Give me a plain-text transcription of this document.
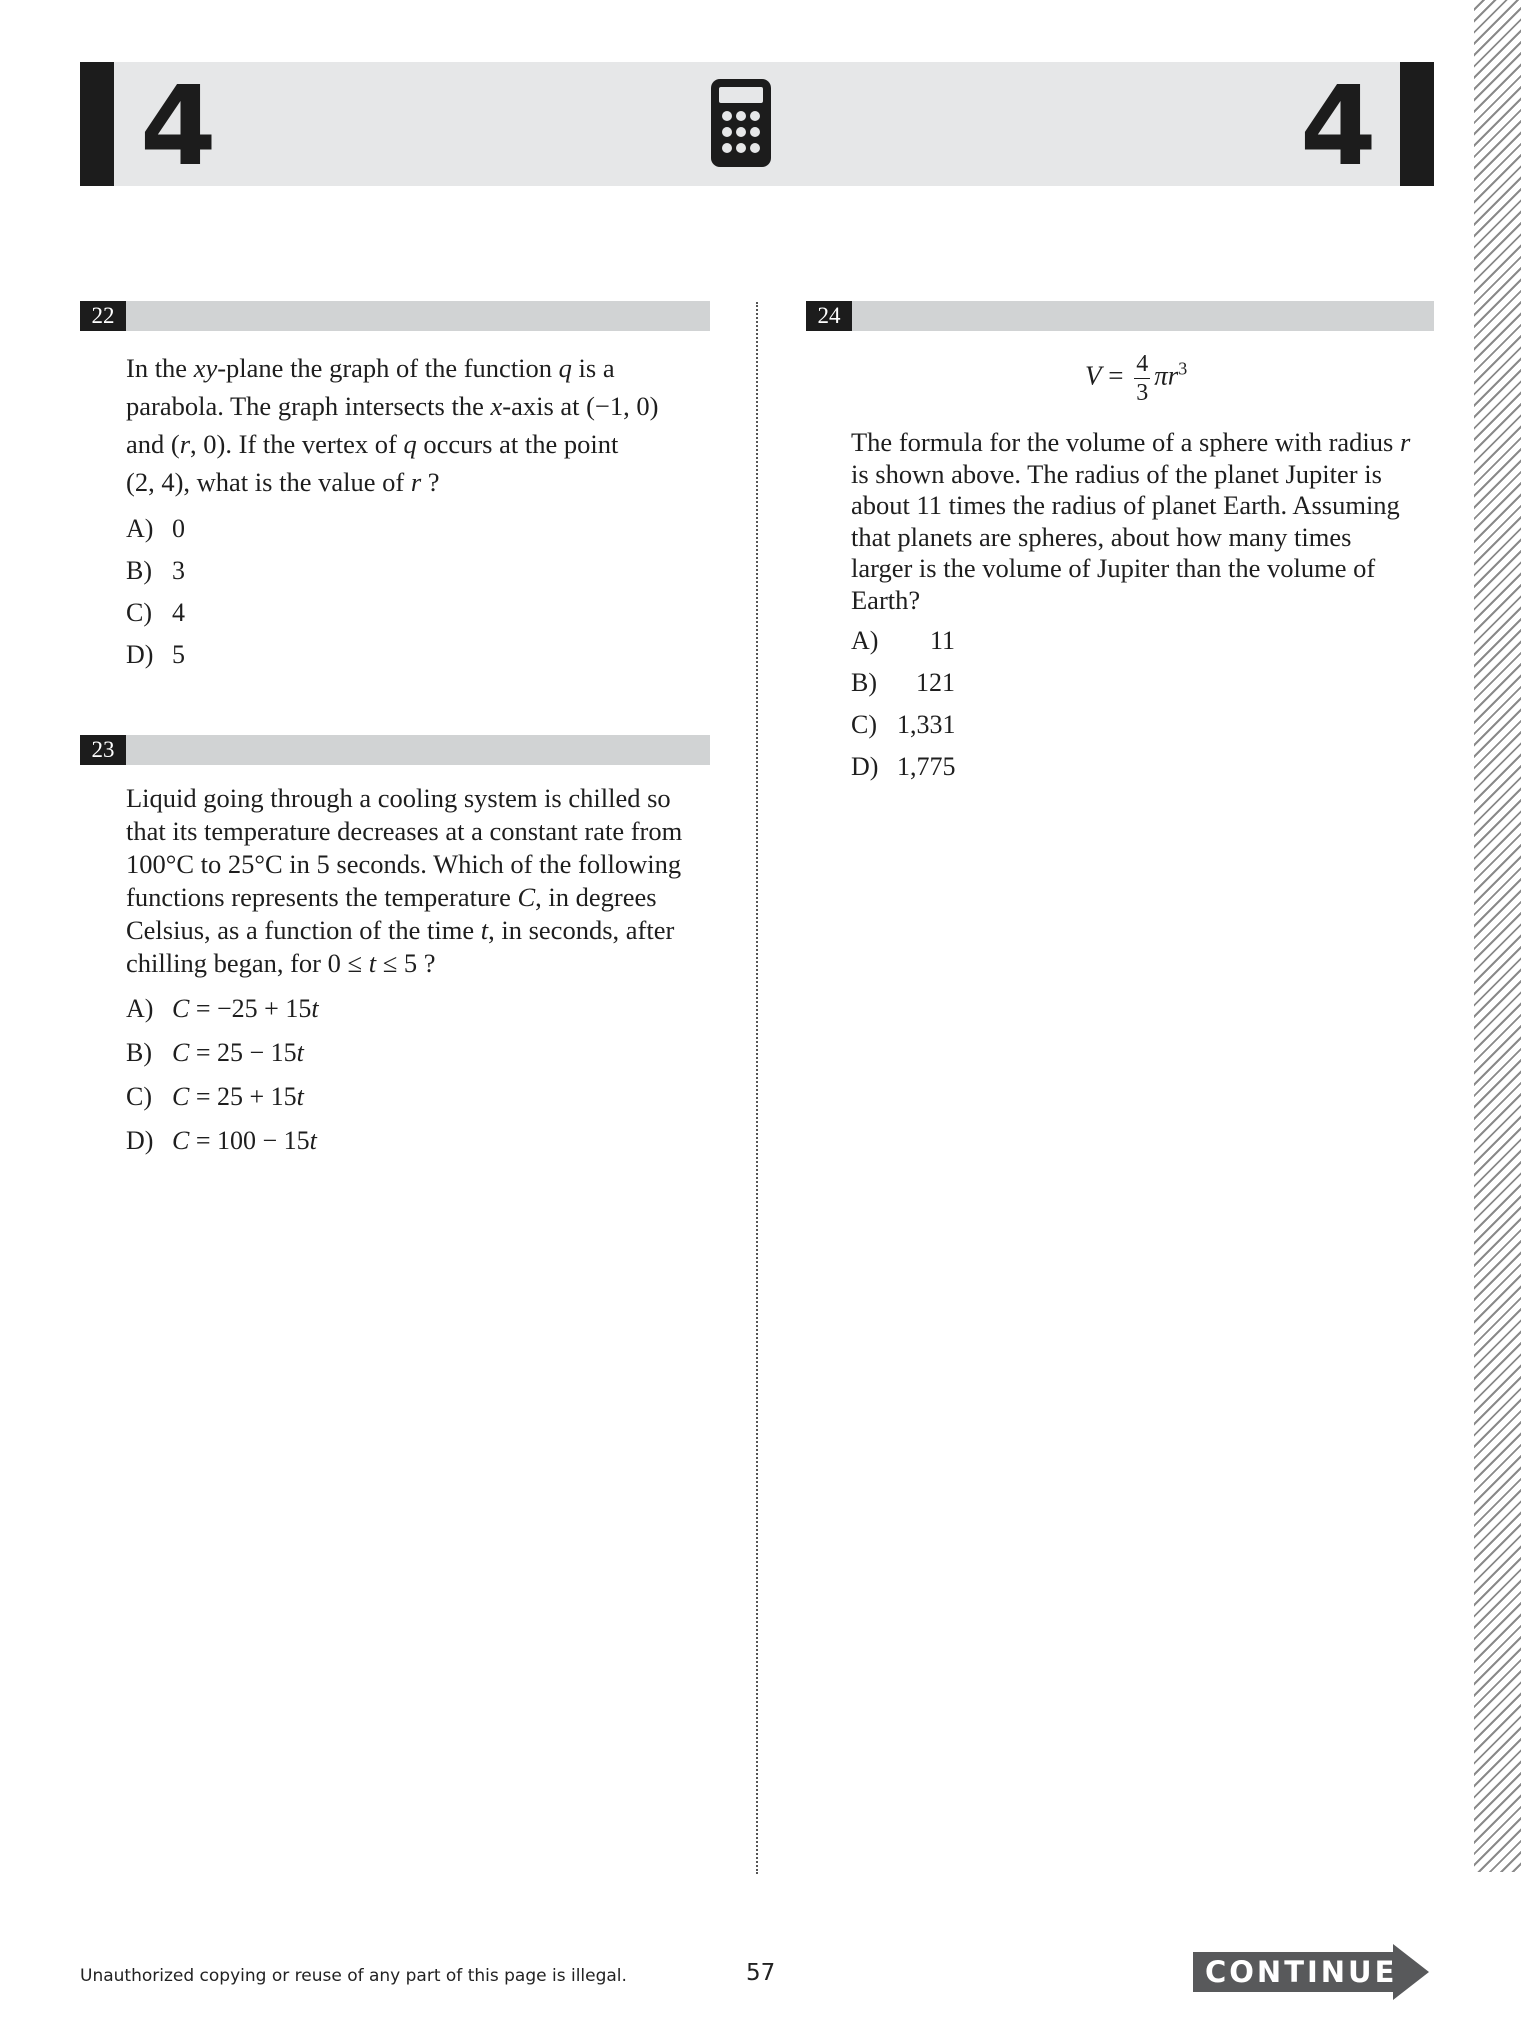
4	4
22
In the xy-plane the graph of the function q is a
parabola. The graph intersects the x-axis at (−1, 0)
and (r, 0). If the vertex of q occurs at the point
(2, 4), what is the value of r ?
A) 0
B) 3
C) 4
D) 5
23
Liquid going through a cooling system is chilled so
that its temperature decreases at a constant rate from
100°C to 25°C in 5 seconds. Which of the following
functions represents the temperature C, in degrees
Celsius, as a function of the time t, in seconds, after
chilling began, for 0 ≤ t ≤ 5 ?
A) C = −25 + 15t
B) C = 25 − 15t
C) C = 25 + 15t
D) C = 100 − 15t
24
$V = \frac{4}{3} \pi r^3$
The formula for the volume of a sphere with radius r
is shown above. The radius of the planet Jupiter is
about 11 times the radius of planet Earth. Assuming
that planets are spheres, about how many times
larger is the volume of Jupiter than the volume of
Earth?
A) 11
B) 121
C) 1,331
D) 1,775
Unauthorized copying or reuse of any part of this page is illegal.	57	CONTINUE
